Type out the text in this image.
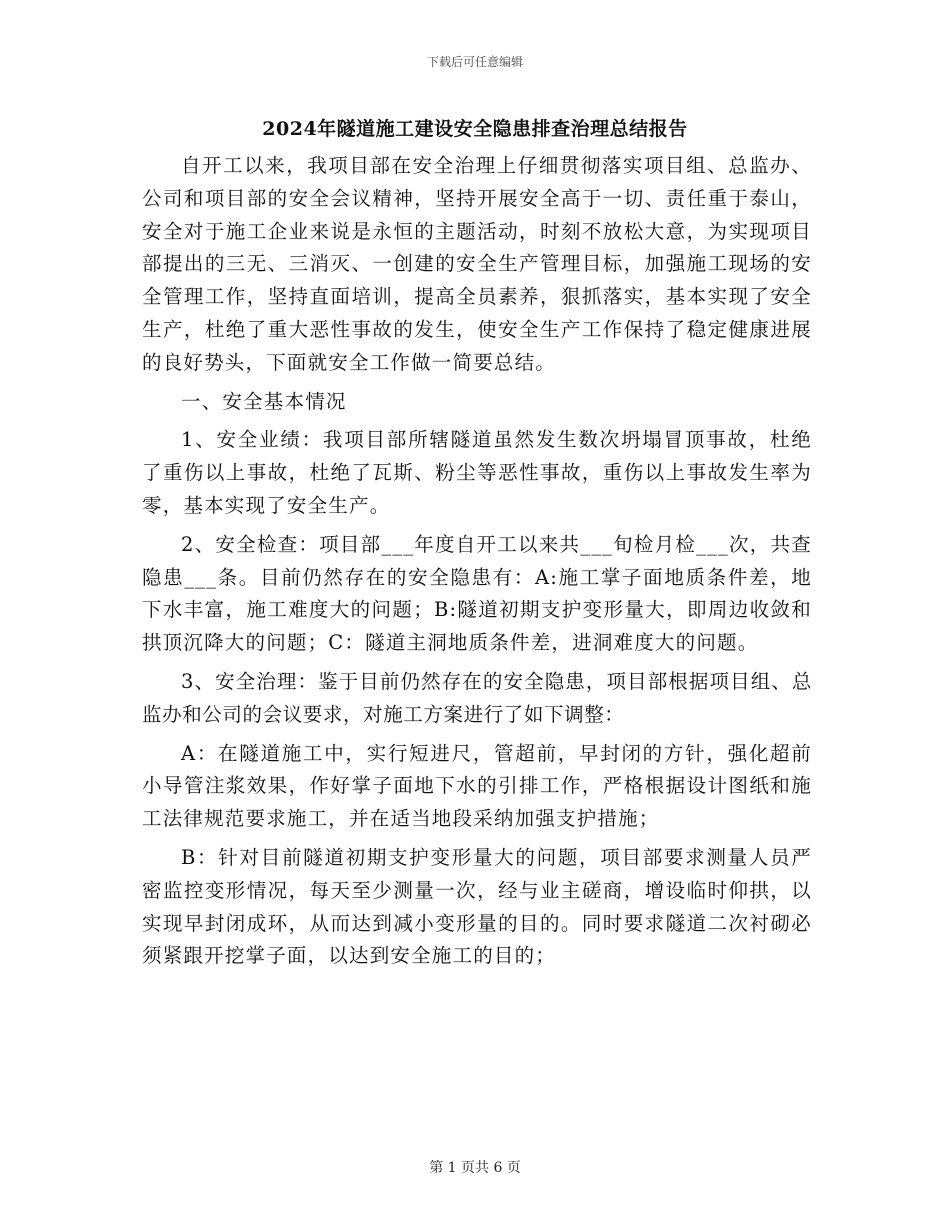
下载后可任意编辑
2024年隧道施工建设安全隐患排查治理总结报告

自开工以来，我项目部在安全治理上仔细贯彻落实项目组、总监办、公司和项目部的安全会议精神，坚持开展安全高于一切、责任重于泰山，安全对于施工企业来说是永恒的主题活动，时刻不放松大意，为实现项目部提出的三无、三消灭、一创建的安全生产管理目标，加强施工现场的安全管理工作，坚持直面培训，提高全员素养，狠抓落实，基本实现了安全生产，杜绝了重大恶性事故的发生，使安全生产工作保持了稳定健康进展的良好势头，下面就安全工作做一简要总结。

一、安全基本情况

1、安全业绩：我项目部所辖隧道虽然发生数次坍塌冒顶事故，杜绝了重伤以上事故，杜绝了瓦斯、粉尘等恶性事故，重伤以上事故发生率为零，基本实现了安全生产。

2、安全检查：项目部___年度自开工以来共___旬检月检___次，共查隐患___条。目前仍然存在的安全隐患有：A:施工掌子面地质条件差，地下水丰富，施工难度大的问题；B:隧道初期支护变形量大，即周边收敛和拱顶沉降大的问题；C：隧道主洞地质条件差，进洞难度大的问题。

3、安全治理：鉴于目前仍然存在的安全隐患，项目部根据项目组、总监办和公司的会议要求，对施工方案进行了如下调整：

A：在隧道施工中，实行短进尺，管超前，早封闭的方针，强化超前小导管注浆效果，作好掌子面地下水的引排工作，严格根据设计图纸和施工法律规范要求施工，并在适当地段采纳加强支护措施；

B：针对目前隧道初期支护变形量大的问题，项目部要求测量人员严密监控变形情况，每天至少测量一次，经与业主磋商，增设临时仰拱，以实现早封闭成环，从而达到减小变形量的目的。同时要求隧道二次衬砌必须紧跟开挖掌子面，以达到安全施工的目的；

第 1 页共 6 页
